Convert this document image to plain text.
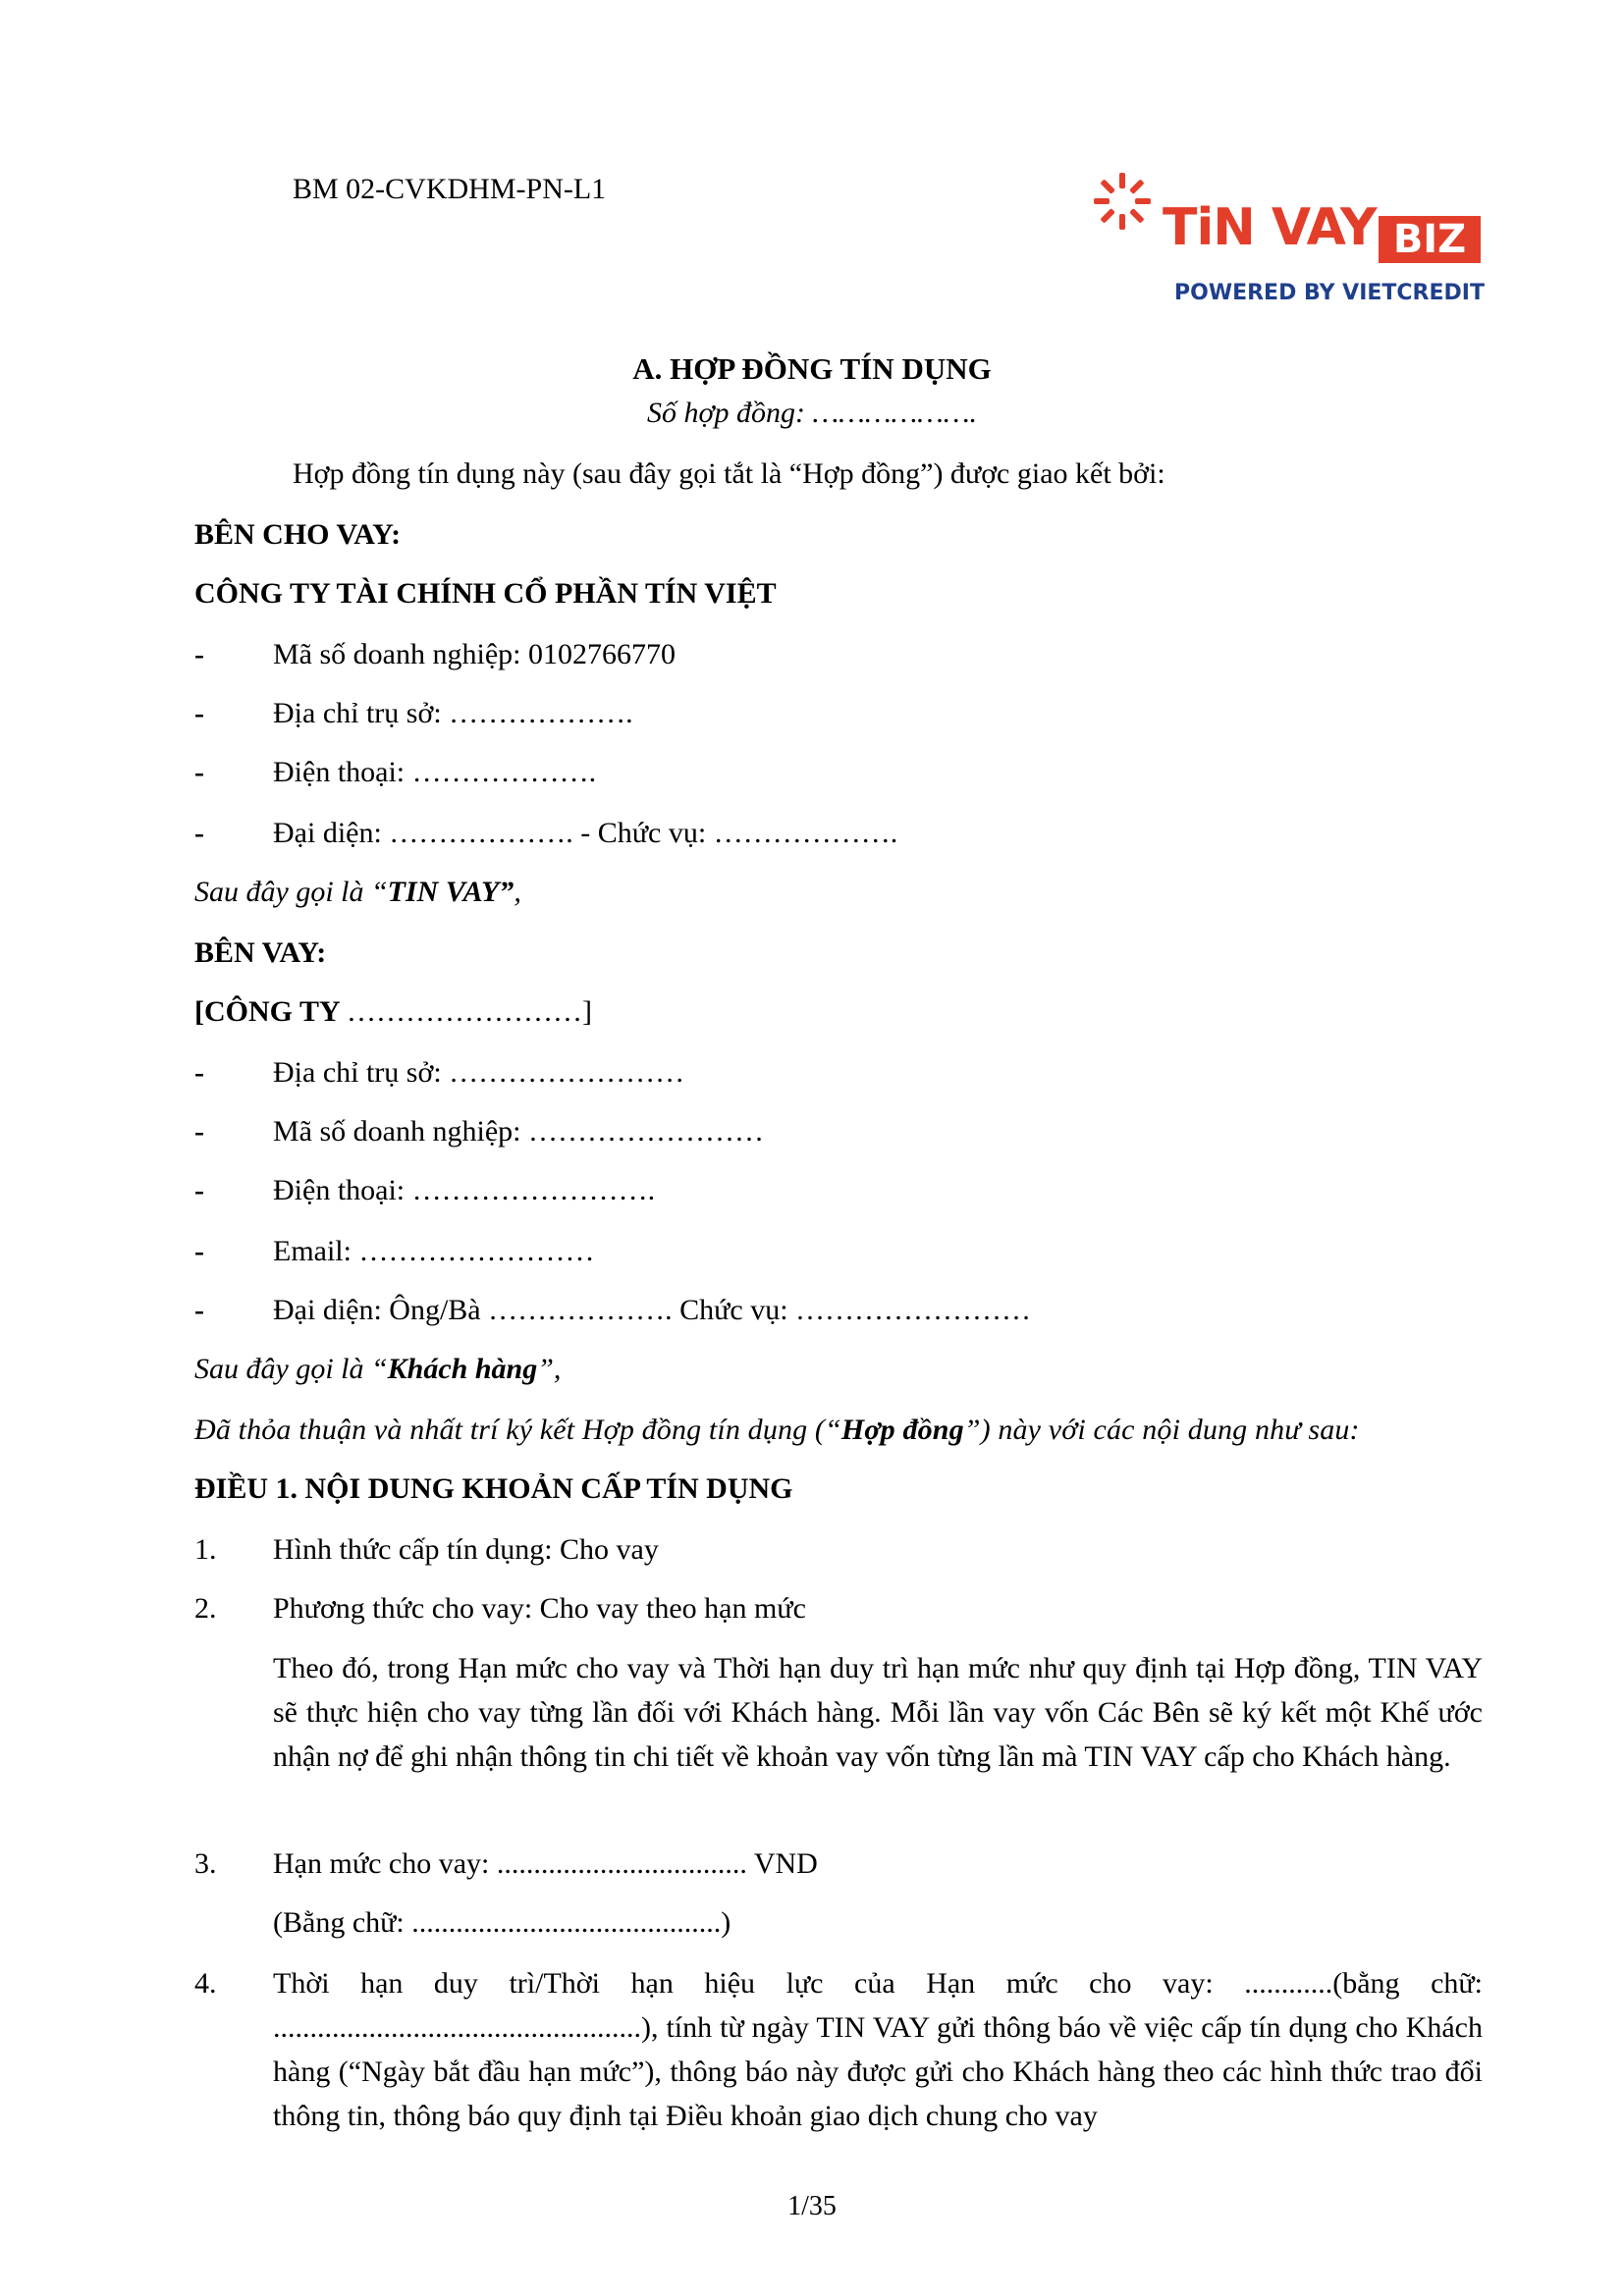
BM 02-CVKDHM-PN-L1
TiN VAY BIZ
POWERED BY VIETCREDIT
A. HỢP ĐỒNG TÍN DỤNG
Số hợp đồng: ……………….
Hợp đồng tín dụng này (sau đây gọi tắt là “Hợp đồng”) được giao kết bởi:
BÊN CHO VAY:
CÔNG TY TÀI CHÍNH CỔ PHẦN TÍN VIỆT
- Mã số doanh nghiệp: 0102766770
- Địa chỉ trụ sở: ……………….
- Điện thoại: ……………….
- Đại diện: ………………. - Chức vụ: ……………….
Sau đây gọi là “TIN VAY”,
BÊN VAY:
[CÔNG TY ……………………]
- Địa chỉ trụ sở: ……………………
- Mã số doanh nghiệp: ……………………
- Điện thoại: …………………….
- Email: ……………………
- Đại diện: Ông/Bà ………………. Chức vụ: ……………………
Sau đây gọi là “Khách hàng”,
Đã thỏa thuận và nhất trí ký kết Hợp đồng tín dụng (“Hợp đồng”) này với các nội dung như sau:
ĐIỀU 1. NỘI DUNG KHOẢN CẤP TÍN DỤNG
1. Hình thức cấp tín dụng: Cho vay
2. Phương thức cho vay: Cho vay theo hạn mức
Theo đó, trong Hạn mức cho vay và Thời hạn duy trì hạn mức như quy định tại Hợp đồng, TIN VAY sẽ thực hiện cho vay từng lần đối với Khách hàng. Mỗi lần vay vốn Các Bên sẽ ký kết một Khế ước nhận nợ để ghi nhận thông tin chi tiết về khoản vay vốn từng lần mà TIN VAY cấp cho Khách hàng.
3. Hạn mức cho vay: .................................. VND
(Bằng chữ: ..........................................)
4. Thời hạn duy trì/Thời hạn hiệu lực của Hạn mức cho vay: ............(bằng chữ: ..................................................), tính từ ngày TIN VAY gửi thông báo về việc cấp tín dụng cho Khách hàng (“Ngày bắt đầu hạn mức”), thông báo này được gửi cho Khách hàng theo các hình thức trao đổi thông tin, thông báo quy định tại Điều khoản giao dịch chung cho vay
1/35
